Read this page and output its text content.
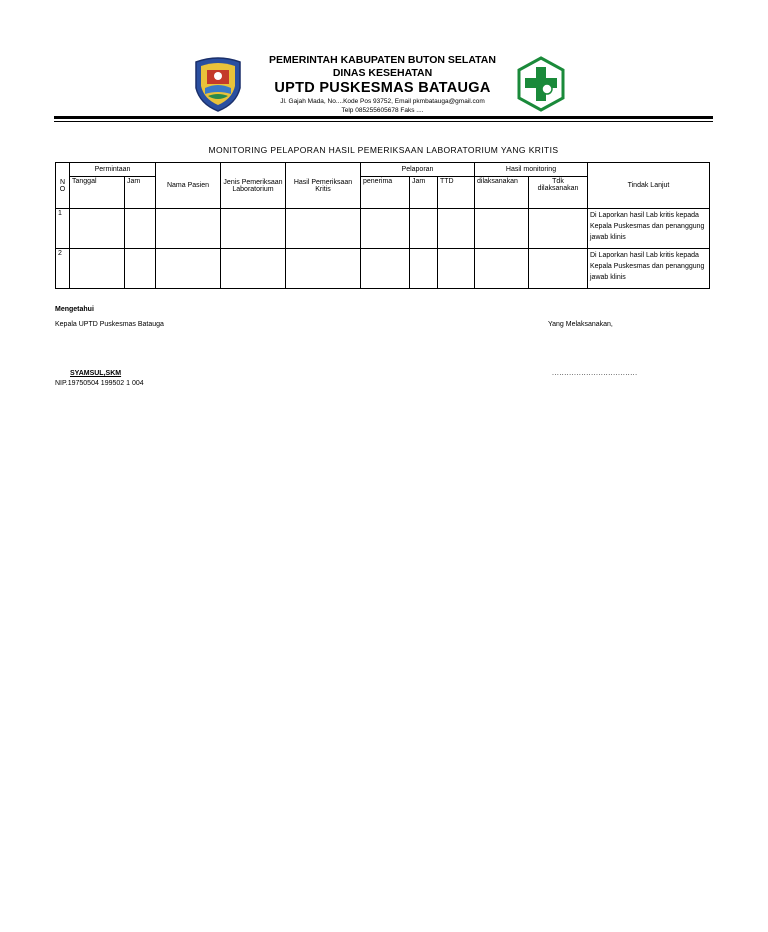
PEMERINTAH KABUPATEN BUTON SELATAN
DINAS KESEHATAN
UPTD PUSKESMAS BATAUGA
Jl. Gajah Mada, No....Kode Pos 93752, Email pkmbatauga@gmail.com
Telp 085255605678 Faks ....
MONITORING PELAPORAN HASIL PEMERIKSAAN LABORATORIUM YANG KRITIS
N O	Permintaan		Nama Pasien	Jenis Pemeriksaan Laboratorium	Hasil Pemeriksaan Kritis	Pelaporan			Hasil monitoring		Tindak Lanjut
	Tanggal	Jam				penerima	Jam	TTD	dilaksanakan	Tdk dilaksanakan	
1											Di Laporkan hasil Lab kritis kepada Kepala Puskesmas dan penanggung jawab klinis
2											Di Laporkan hasil Lab kritis kepada Kepala Puskesmas dan penanggung jawab klinis
Mengetahui
Kepala UPTD Puskesmas Batauga	Yang Melaksanakan,
SYAMSUL,SKM
NIP.19750504 199502 1 004
...................................
